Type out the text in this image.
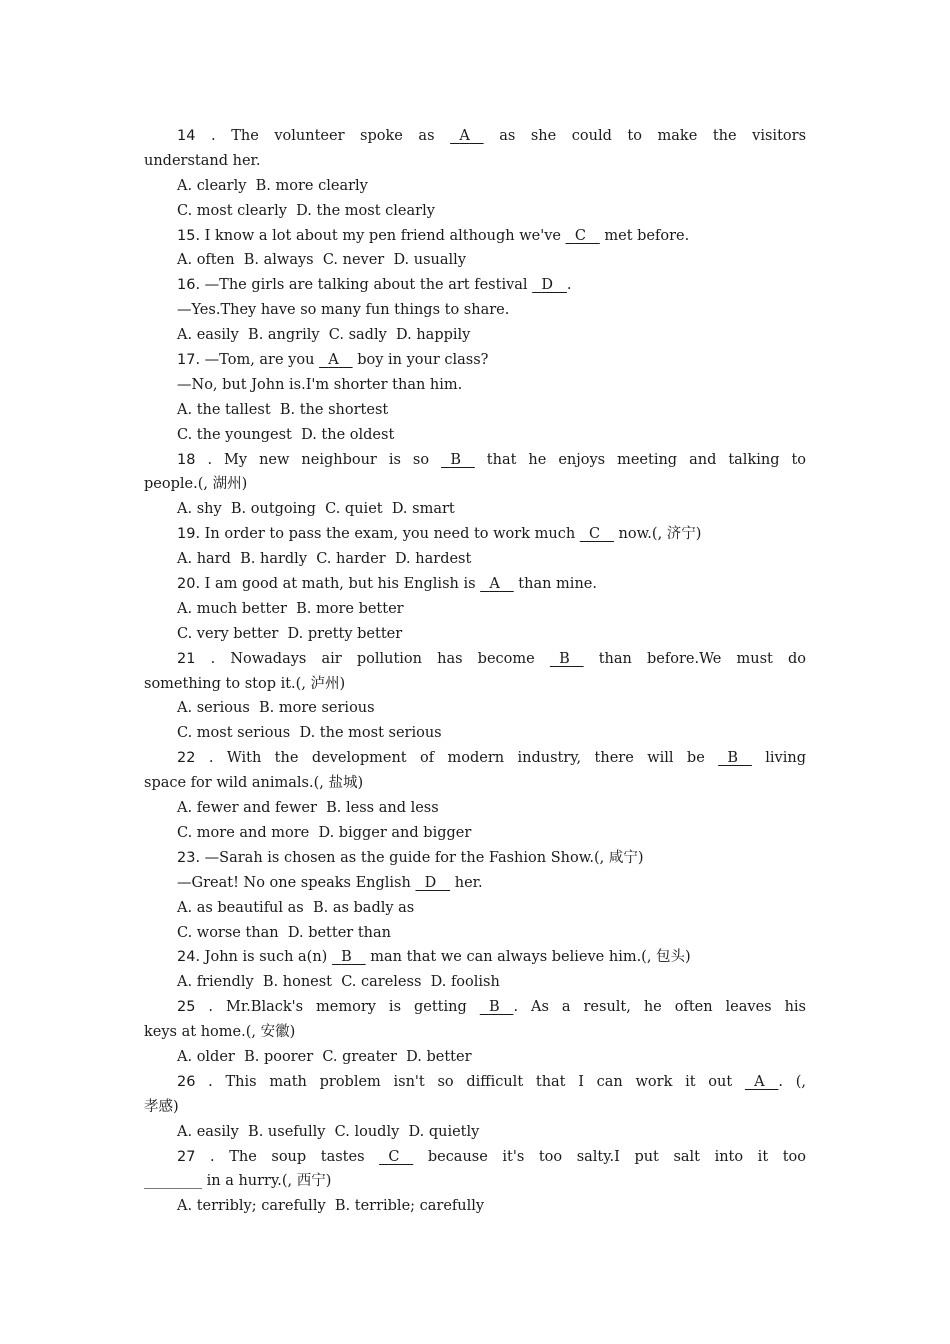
14 . The volunteer spoke as A as she could to make the visitors
understand her.
A. clearly  B. more clearly
C. most clearly  D. the most clearly
15. I know a lot about my pen friend although we've C met before.
A. often  B. always  C. never  D. usually
16. —The girls are talking about the art festival D .
—Yes.They have so many fun things to share.
A. easily  B. angrily  C. sadly  D. happily
17. —Tom, are you A boy in your class?
—No, but John is.I'm shorter than him.
A. the tallest  B. the shortest
C. the youngest  D. the oldest
18 . My new neighbour is so B that he enjoys meeting and talking to
people.(, 湖州)
A. shy  B. outgoing  C. quiet  D. smart
19. In order to pass the exam, you need to work much C now.(, 济宁)
A. hard  B. hardly  C. harder  D. hardest
20. I am good at math, but his English is A than mine.
A. much better  B. more better
C. very better  D. pretty better
21 . Nowadays air pollution has become B than before.We must do
something to stop it.(, 泸州)
A. serious  B. more serious
C. most serious  D. the most serious
22 . With the development of modern industry, there will be B living
space for wild animals.(, 盐城)
A. fewer and fewer  B. less and less
C. more and more  D. bigger and bigger
23. —Sarah is chosen as the guide for the Fashion Show.(, 咸宁)
—Great! No one speaks English D her.
A. as beautiful as  B. as badly as
C. worse than  D. better than
24. John is such a(n) B man that we can always believe him.(, 包头)
A. friendly  B. honest  C. careless  D. foolish
25 . Mr.Black's memory is getting B . As a result, he often leaves his
keys at home.(, 安徽)
A. older  B. poorer  C. greater  D. better
26 . This math problem isn't so difficult that I can work it out A . (,
孝感)
A. easily  B. usefully  C. loudly  D. quietly
27 . The soup tastes C because it's too salty.I put salt into it too
________ in a hurry.(, 西宁)
A. terribly; carefully  B. terrible; carefully
